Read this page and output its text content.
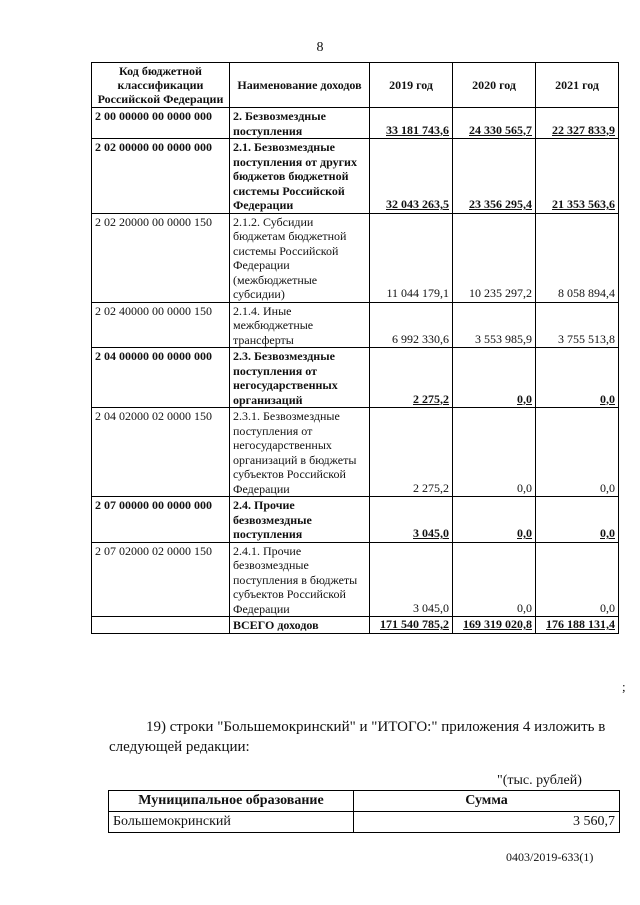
8
Код бюджетной классификации Российской Федерации	Наименование доходов	2019 год	2020 год	2021 год
2 00 00000 00 0000 000	2. Безвозмездные поступления	33 181 743,6	24 330 565,7	22 327 833,9
2 02 00000 00 0000 000	2.1. Безвозмездные поступления от других бюджетов бюджетной системы Российской Федерации	32 043 263,5	23 356 295,4	21 353 563,6
2 02 20000 00 0000 150	2.1.2. Субсидии бюджетам бюджетной системы Российской Федерации (межбюджетные субсидии)	11 044 179,1	10 235 297,2	8 058 894,4
2 02 40000 00 0000 150	2.1.4. Иные межбюджетные трансферты	6 992 330,6	3 553 985,9	3 755 513,8
2 04 00000 00 0000 000	2.3. Безвозмездные поступления от негосударственных организаций	2 275,2	0,0	0,0
2 04 02000 02 0000 150	2.3.1. Безвозмездные поступления от негосударственных организаций в бюджеты субъектов Российской Федерации	2 275,2	0,0	0,0
2 07 00000 00 0000 000	2.4. Прочие безвозмездные поступления	3 045,0	0,0	0,0
2 07 02000 02 0000 150	2.4.1. Прочие безвозмездные поступления в бюджеты субъектов Российской Федерации	3 045,0	0,0	0,0
	ВСЕГО доходов	171 540 785,2	169 319 020,8	176 188 131,4
;
19) строки "Большемокринский" и "ИТОГО:" приложения 4 изложить в следующей редакции:
"(тыс. рублей)
Муниципальное образование	Сумма
Большемокринский	3 560,7
0403/2019-633(1)
